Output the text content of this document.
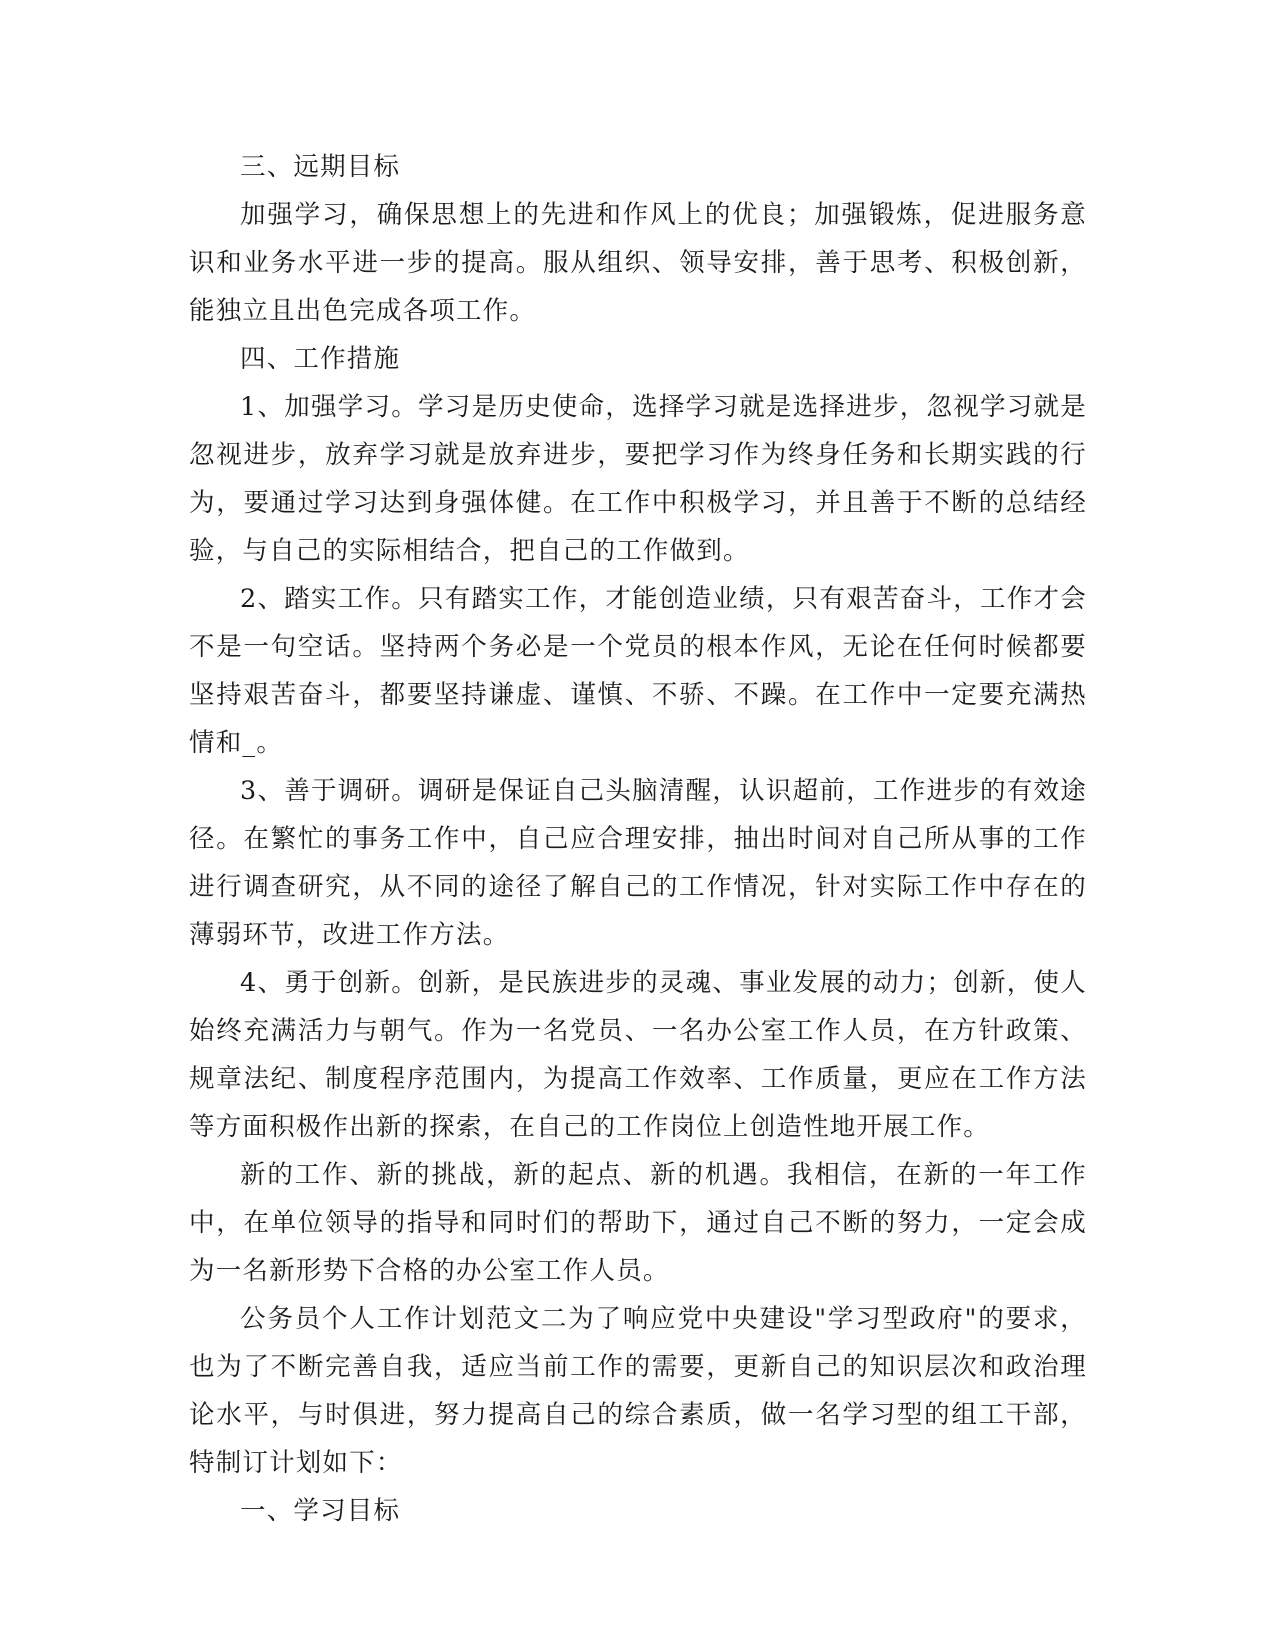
三、远期目标

加强学习，确保思想上的先进和作风上的优良；加强锻炼，促进服务意识和业务水平进一步的提高。服从组织、领导安排，善于思考、积极创新，能独立且出色完成各项工作。

四、工作措施

1、加强学习。学习是历史使命，选择学习就是选择进步，忽视学习就是忽视进步，放弃学习就是放弃进步，要把学习作为终身任务和长期实践的行为，要通过学习达到身强体健。在工作中积极学习，并且善于不断的总结经验，与自己的实际相结合，把自己的工作做到。

2、踏实工作。只有踏实工作，才能创造业绩，只有艰苦奋斗，工作才会不是一句空话。坚持两个务必是一个党员的根本作风，无论在任何时候都要坚持艰苦奋斗，都要坚持谦虚、谨慎、不骄、不躁。在工作中一定要充满热情和_。

3、善于调研。调研是保证自己头脑清醒，认识超前，工作进步的有效途径。在繁忙的事务工作中，自己应合理安排，抽出时间对自己所从事的工作进行调查研究，从不同的途径了解自己的工作情况，针对实际工作中存在的薄弱环节，改进工作方法。

4、勇于创新。创新，是民族进步的灵魂、事业发展的动力；创新，使人始终充满活力与朝气。作为一名党员、一名办公室工作人员，在方针政策、规章法纪、制度程序范围内，为提高工作效率、工作质量，更应在工作方法等方面积极作出新的探索，在自己的工作岗位上创造性地开展工作。

新的工作、新的挑战，新的起点、新的机遇。我相信，在新的一年工作中，在单位领导的指导和同时们的帮助下，通过自己不断的努力，一定会成为一名新形势下合格的办公室工作人员。

公务员个人工作计划范文二为了响应党中央建设"学习型政府"的要求，也为了不断完善自我，适应当前工作的需要，更新自己的知识层次和政治理论水平，与时俱进，努力提高自己的综合素质，做一名学习型的组工干部，特制订计划如下：

一、学习目标
